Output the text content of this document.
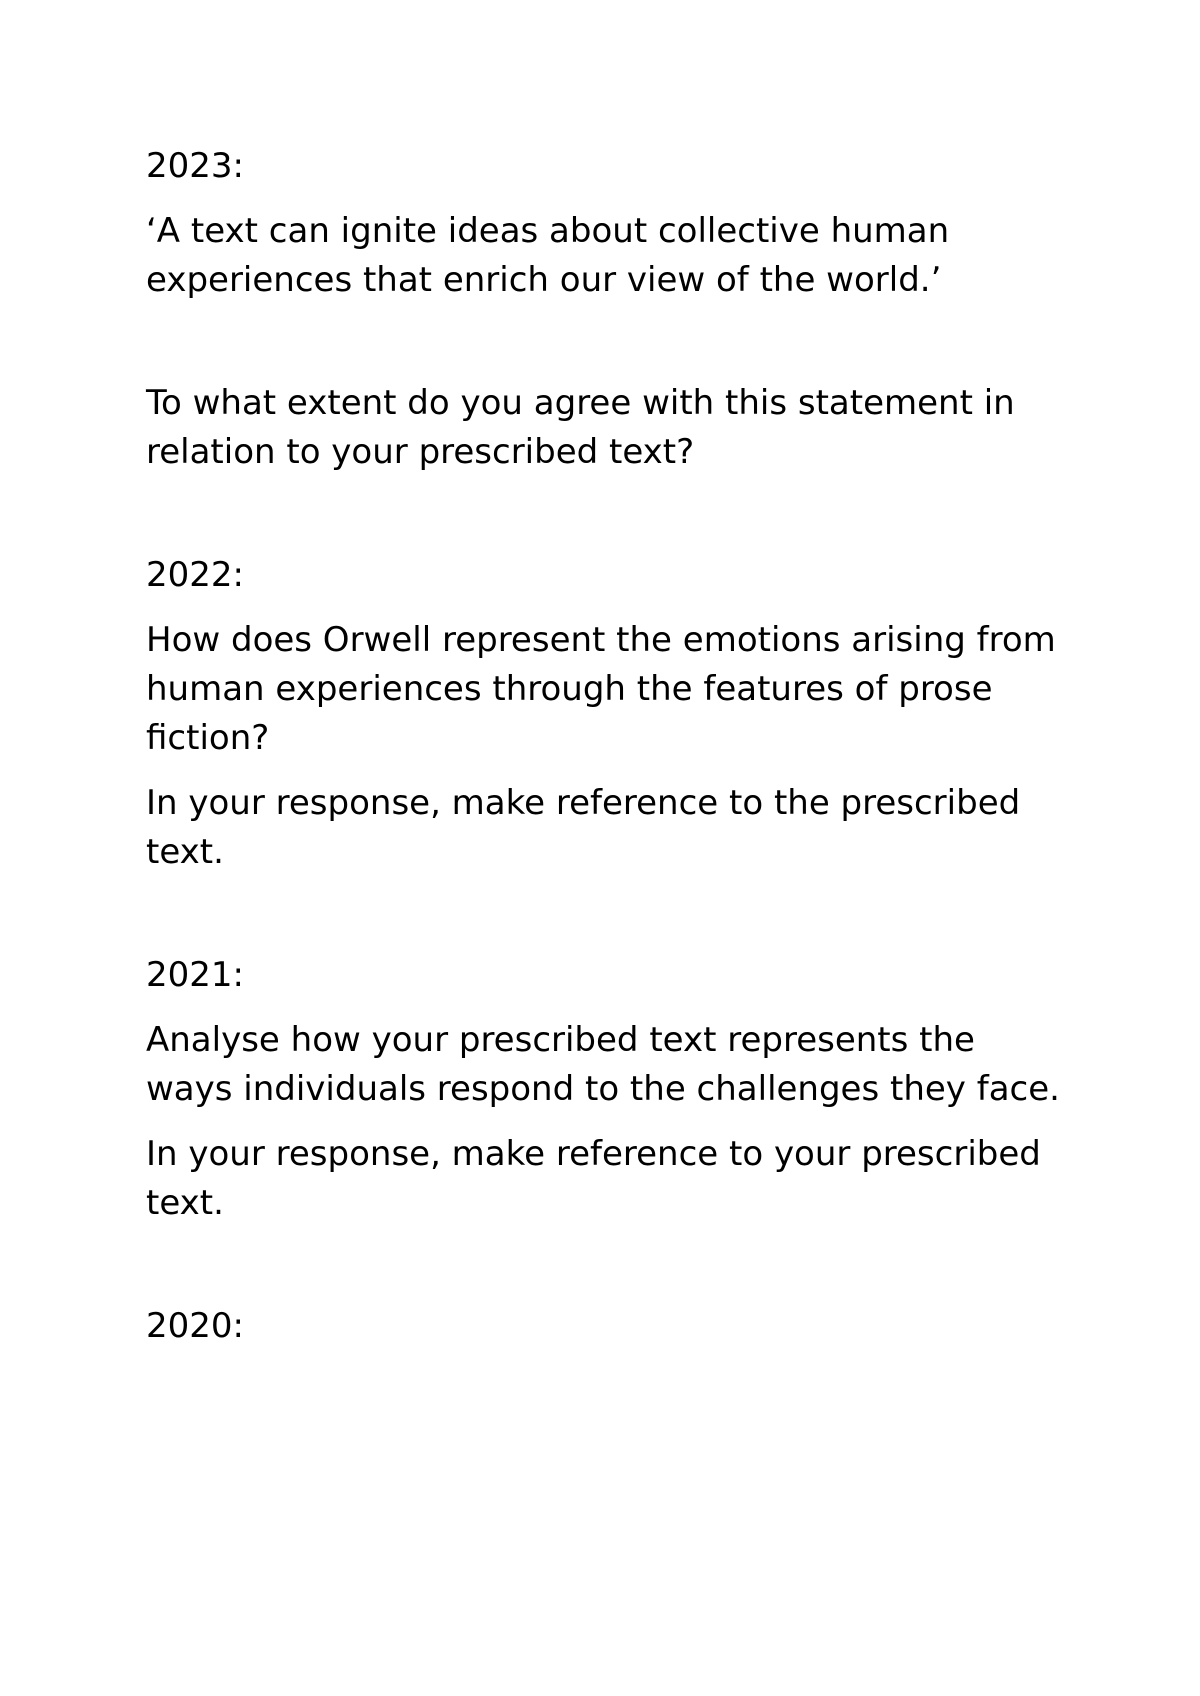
2023:

‘A text can ignite ideas about collective human experiences that enrich our view of the world.’

To what extent do you agree with this statement in relation to your prescribed text?

2022:

How does Orwell represent the emotions arising from human experiences through the features of prose fiction?

In your response, make reference to the prescribed text.

2021:

Analyse how your prescribed text represents the ways individuals respond to the challenges they face.

In your response, make reference to your prescribed text.

2020:
